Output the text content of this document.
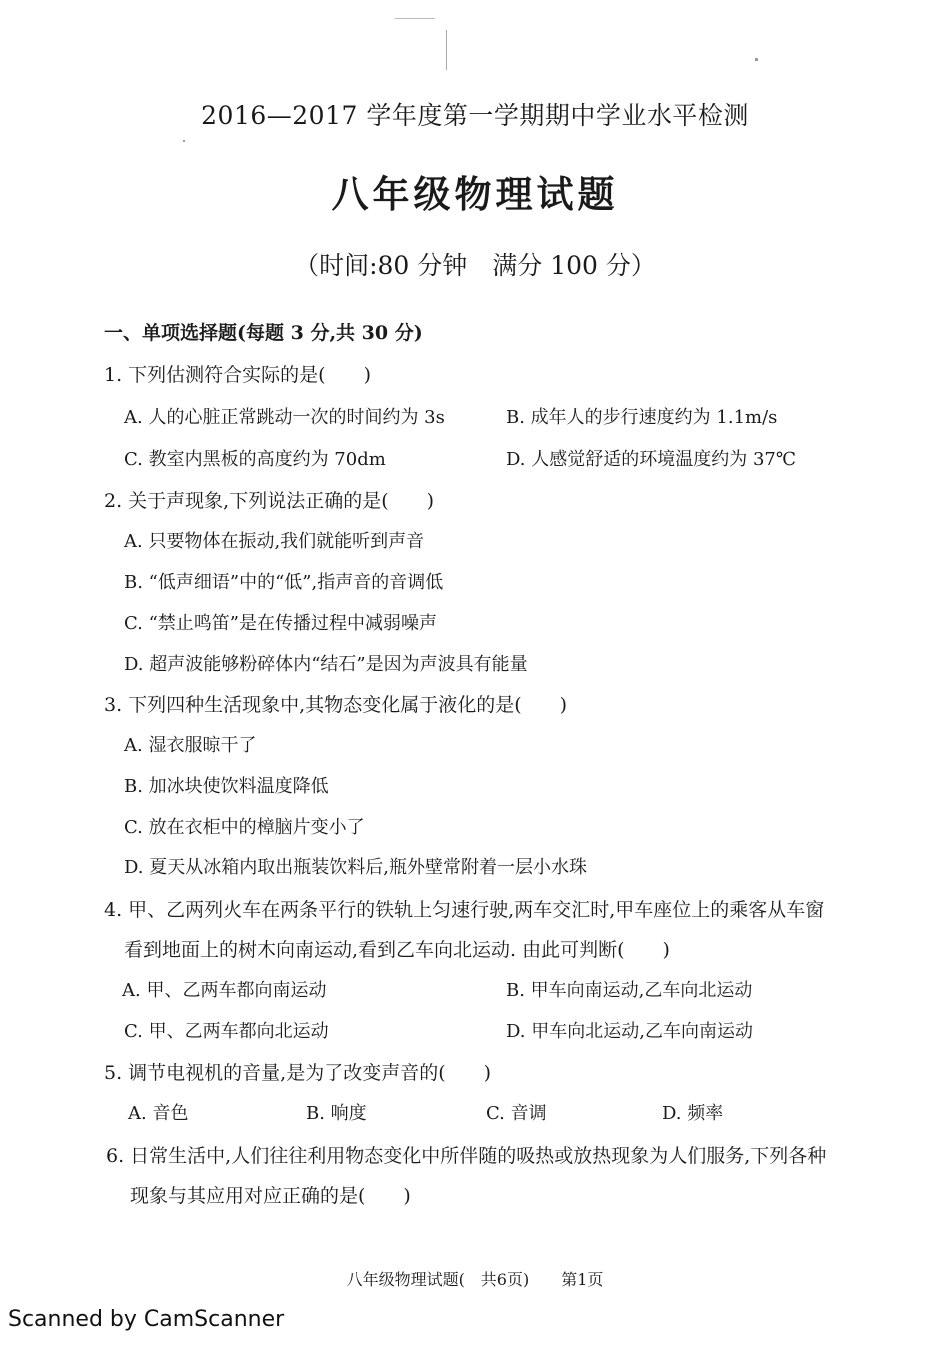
2016—2017 学年度第一学期期中学业水平检测
八年级物理试题
（时间:80 分钟　满分 100 分）
一、单项选择题(每题 3 分,共 30 分)
1. 下列估测符合实际的是(　　)
A. 人的心脏正常跳动一次的时间约为 3s	B. 成年人的步行速度约为 1.1m/s
C. 教室内黑板的高度约为 70dm	D. 人感觉舒适的环境温度约为 37℃
2. 关于声现象,下列说法正确的是(　　)
A. 只要物体在振动,我们就能听到声音
B. “低声细语”中的“低”,指声音的音调低
C. “禁止鸣笛”是在传播过程中减弱噪声
D. 超声波能够粉碎体内“结石”是因为声波具有能量
3. 下列四种生活现象中,其物态变化属于液化的是(　　)
A. 湿衣服晾干了
B. 加冰块使饮料温度降低
C. 放在衣柜中的樟脑片变小了
D. 夏天从冰箱内取出瓶装饮料后,瓶外壁常附着一层小水珠
4. 甲、乙两列火车在两条平行的铁轨上匀速行驶,两车交汇时,甲车座位上的乘客从车窗
看到地面上的树木向南运动,看到乙车向北运动. 由此可判断(　　)
A. 甲、乙两车都向南运动	B. 甲车向南运动,乙车向北运动
C. 甲、乙两车都向北运动	D. 甲车向北运动,乙车向南运动
5. 调节电视机的音量,是为了改变声音的(　　)
A. 音色	B. 响度	C. 音调	D. 频率
6. 日常生活中,人们往往利用物态变化中所伴随的吸热或放热现象为人们服务,下列各种
现象与其应用对应正确的是(　　)
八年级物理试题(　共6页)　　第1页
Scanned by CamScanner
